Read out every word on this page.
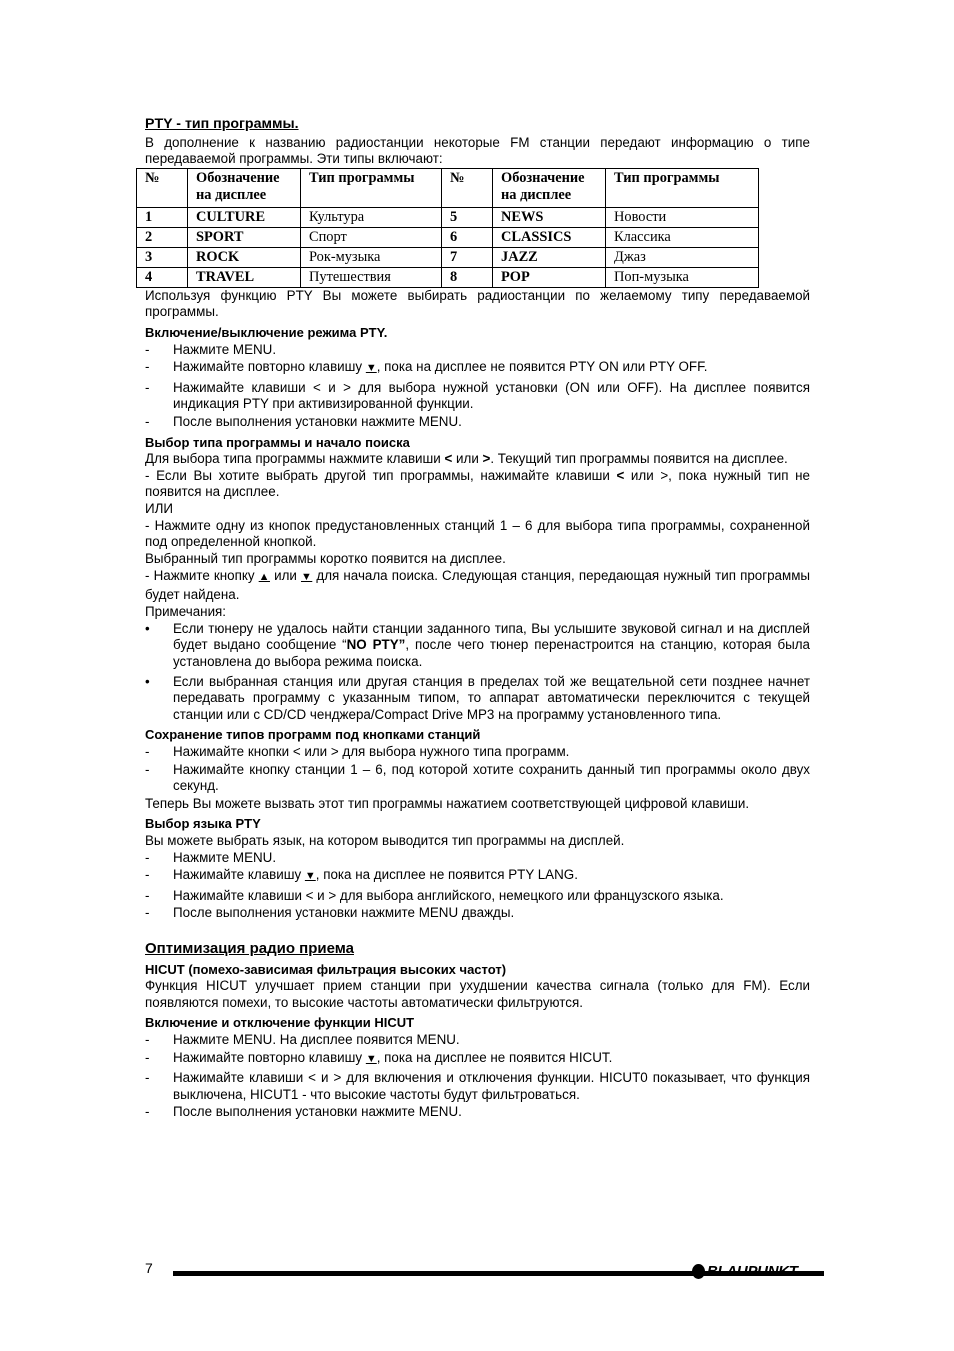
PTY - тип программы.

В дополнение к названию радиостанции некоторые FM станции передают информацию о типе передаваемой программы. Эти типы включают:

№	Обозначение на дисплее	Тип программы	№	Обозначение на дисплее	Тип программы
1	CULTURE	Культура	5	NEWS	Новости
2	SPORT	Спорт	6	CLASSICS	Классика
3	ROCK	Рок-музыка	7	JAZZ	Джаз
4	TRAVEL	Путешествия	8	POP	Поп-музыка

Используя функцию PTY Вы можете выбирать радиостанции по желаемому типу передаваемой программы.

Включение/выключение режима PTY.
-	Нажмите MENU.
-	Нажимайте повторно клавишу ▼, пока на дисплее не появится PTY ON или PTY OFF.
-	Нажимайте клавиши < и > для выбора нужной установки (ON или OFF). На дисплее появится индикация PTY при активизированной функции.
-	После выполнения установки нажмите MENU.
Выбор типа программы и начало поиска

Для выбора типа программы нажмите клавиши < или >. Текущий тип программы появится на дисплее.

- Если Вы хотите выбрать другой тип программы, нажимайте клавиши < или >, пока нужный тип не появится на дисплее.

ИЛИ

- Нажмите одну из кнопок предустановленных станций 1 – 6 для выбора типа программы, сохраненной под определенной кнопкой.

Выбранный тип программы коротко появится на дисплее.

- Нажмите кнопку ▲ или ▼ для начала поиска. Следующая станция, передающая нужный тип программы будет найдена.

Примечания:

•	Если тюнеру не удалось найти станции заданного типа, Вы услышите звуковой сигнал и на дисплей будет выдано сообщение “NO PTY”, после чего тюнер перенастроится на станцию, которая была установлена до выбора режима поиска.
•	Если выбранная станция или другая станция в пределах той же вещательной сети позднее начнет передавать программу с указанным типом, то аппарат автоматически переключится с текущей станции или с CD/CD ченджера/Compact Drive MP3 на программу установленного типа.
Сохранение типов программ под кнопками станций
-	Нажимайте кнопки < или > для выбора нужного типа программ.
-	Нажимайте кнопку станции 1 – 6, под которой хотите сохранить данный тип программы около двух секунд.

Теперь Вы можете вызвать этот тип программы нажатием соответствующей цифровой клавиши.

Выбор языка PTY

Вы можете выбрать язык, на котором выводится тип программы на дисплей.

-	Нажмите MENU.
-	Нажимайте клавишу ▼, пока на дисплее не появится PTY LANG.
-	Нажимайте клавиши < и > для выбора английского, немецкого или французского языка.
-	После выполнения установки нажмите MENU дважды.
Оптимизация радио приема
HICUT (помехо-зависимая фильтрация высоких частот)

Функция HICUT улучшает прием станции при ухудшении качества сигнала (только для FM). Если появляются помехи, то высокие частоты автоматически фильтруются.

Включение и отключение функции HICUT
-	Нажмите MENU. На дисплее появится MENU.
-	Нажимайте повторно клавишу ▼, пока на дисплее не появится HICUT.
-	Нажимайте клавиши < и > для включения и отключения функции. HICUT0 показывает, что функция выключена, HICUT1 - что высокие частоты будут фильтроваться.
-	После выполнения установки нажмите MENU.
7	BLAUPUNKT
